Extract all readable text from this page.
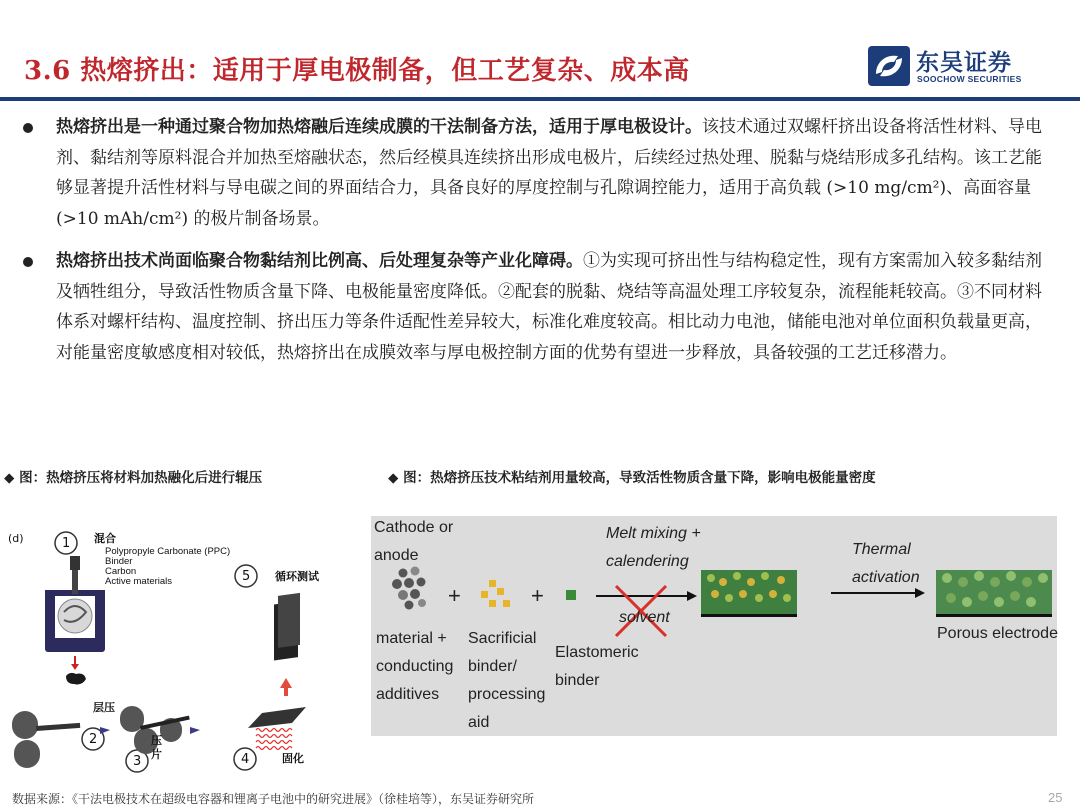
3.6 热熔挤出：适用于厚电极制备，但工艺复杂、成本高	东吴证券
SOOCHOW SECURITIES
热熔挤出是一种通过聚合物加热熔融后连续成膜的干法制备方法，适用于厚电极设计。该技术通过双螺杆挤出设备将活性材料、导电剂、黏结剂等原料混合并加热至熔融状态，然后经模具连续挤出形成电极片，后续经过热处理、脱黏与烧结形成多孔结构。该工艺能够显著提升活性材料与导电碳之间的界面结合力，具备良好的厚度控制与孔隙调控能力，适用于高负载 (>10 mg/cm²)、高面容量(>10 mAh/cm²) 的极片制备场景。
热熔挤出技术尚面临聚合物黏结剂比例高、后处理复杂等产业化障碍。①为实现可挤出性与结构稳定性，现有方案需加入较多黏结剂及牺牲组分，导致活性物质含量下降、电极能量密度降低。②配套的脱黏、烧结等高温处理工序较复杂，流程能耗较高。③不同材料体系对螺杆结构、温度控制、挤出压力等条件适配性差异较大，标准化难度较高。相比动力电池，储能电池对单位面积负载量更高，对能量密度敏感度相对较低，热熔挤出在成膜效率与厚电极控制方面的优势有望进一步释放，具备较强的工艺迁移潜力。
◆ 图：热熔挤压将材料加热融化后进行辊压	◆ 图：热熔挤压技术粘结剂用量较高，导致活性物质含量下降，影响电极能量密度
(d)	1 混合
Polypropyle Carbonate (PPC)
Binder
Carbon
Active materials	5 循环测试
层压
2	压片
3	4	固化
Cathode or anode
+	+
material + conducting additives
Sacrificial binder/ processing aid
Elastomeric binder
Melt mixing + calendering
solvent
Thermal activation
Porous electrode
数据来源：《干法电极技术在超级电容器和锂离子电池中的研究进展》（徐桂培等），东吴证券研究所	25
